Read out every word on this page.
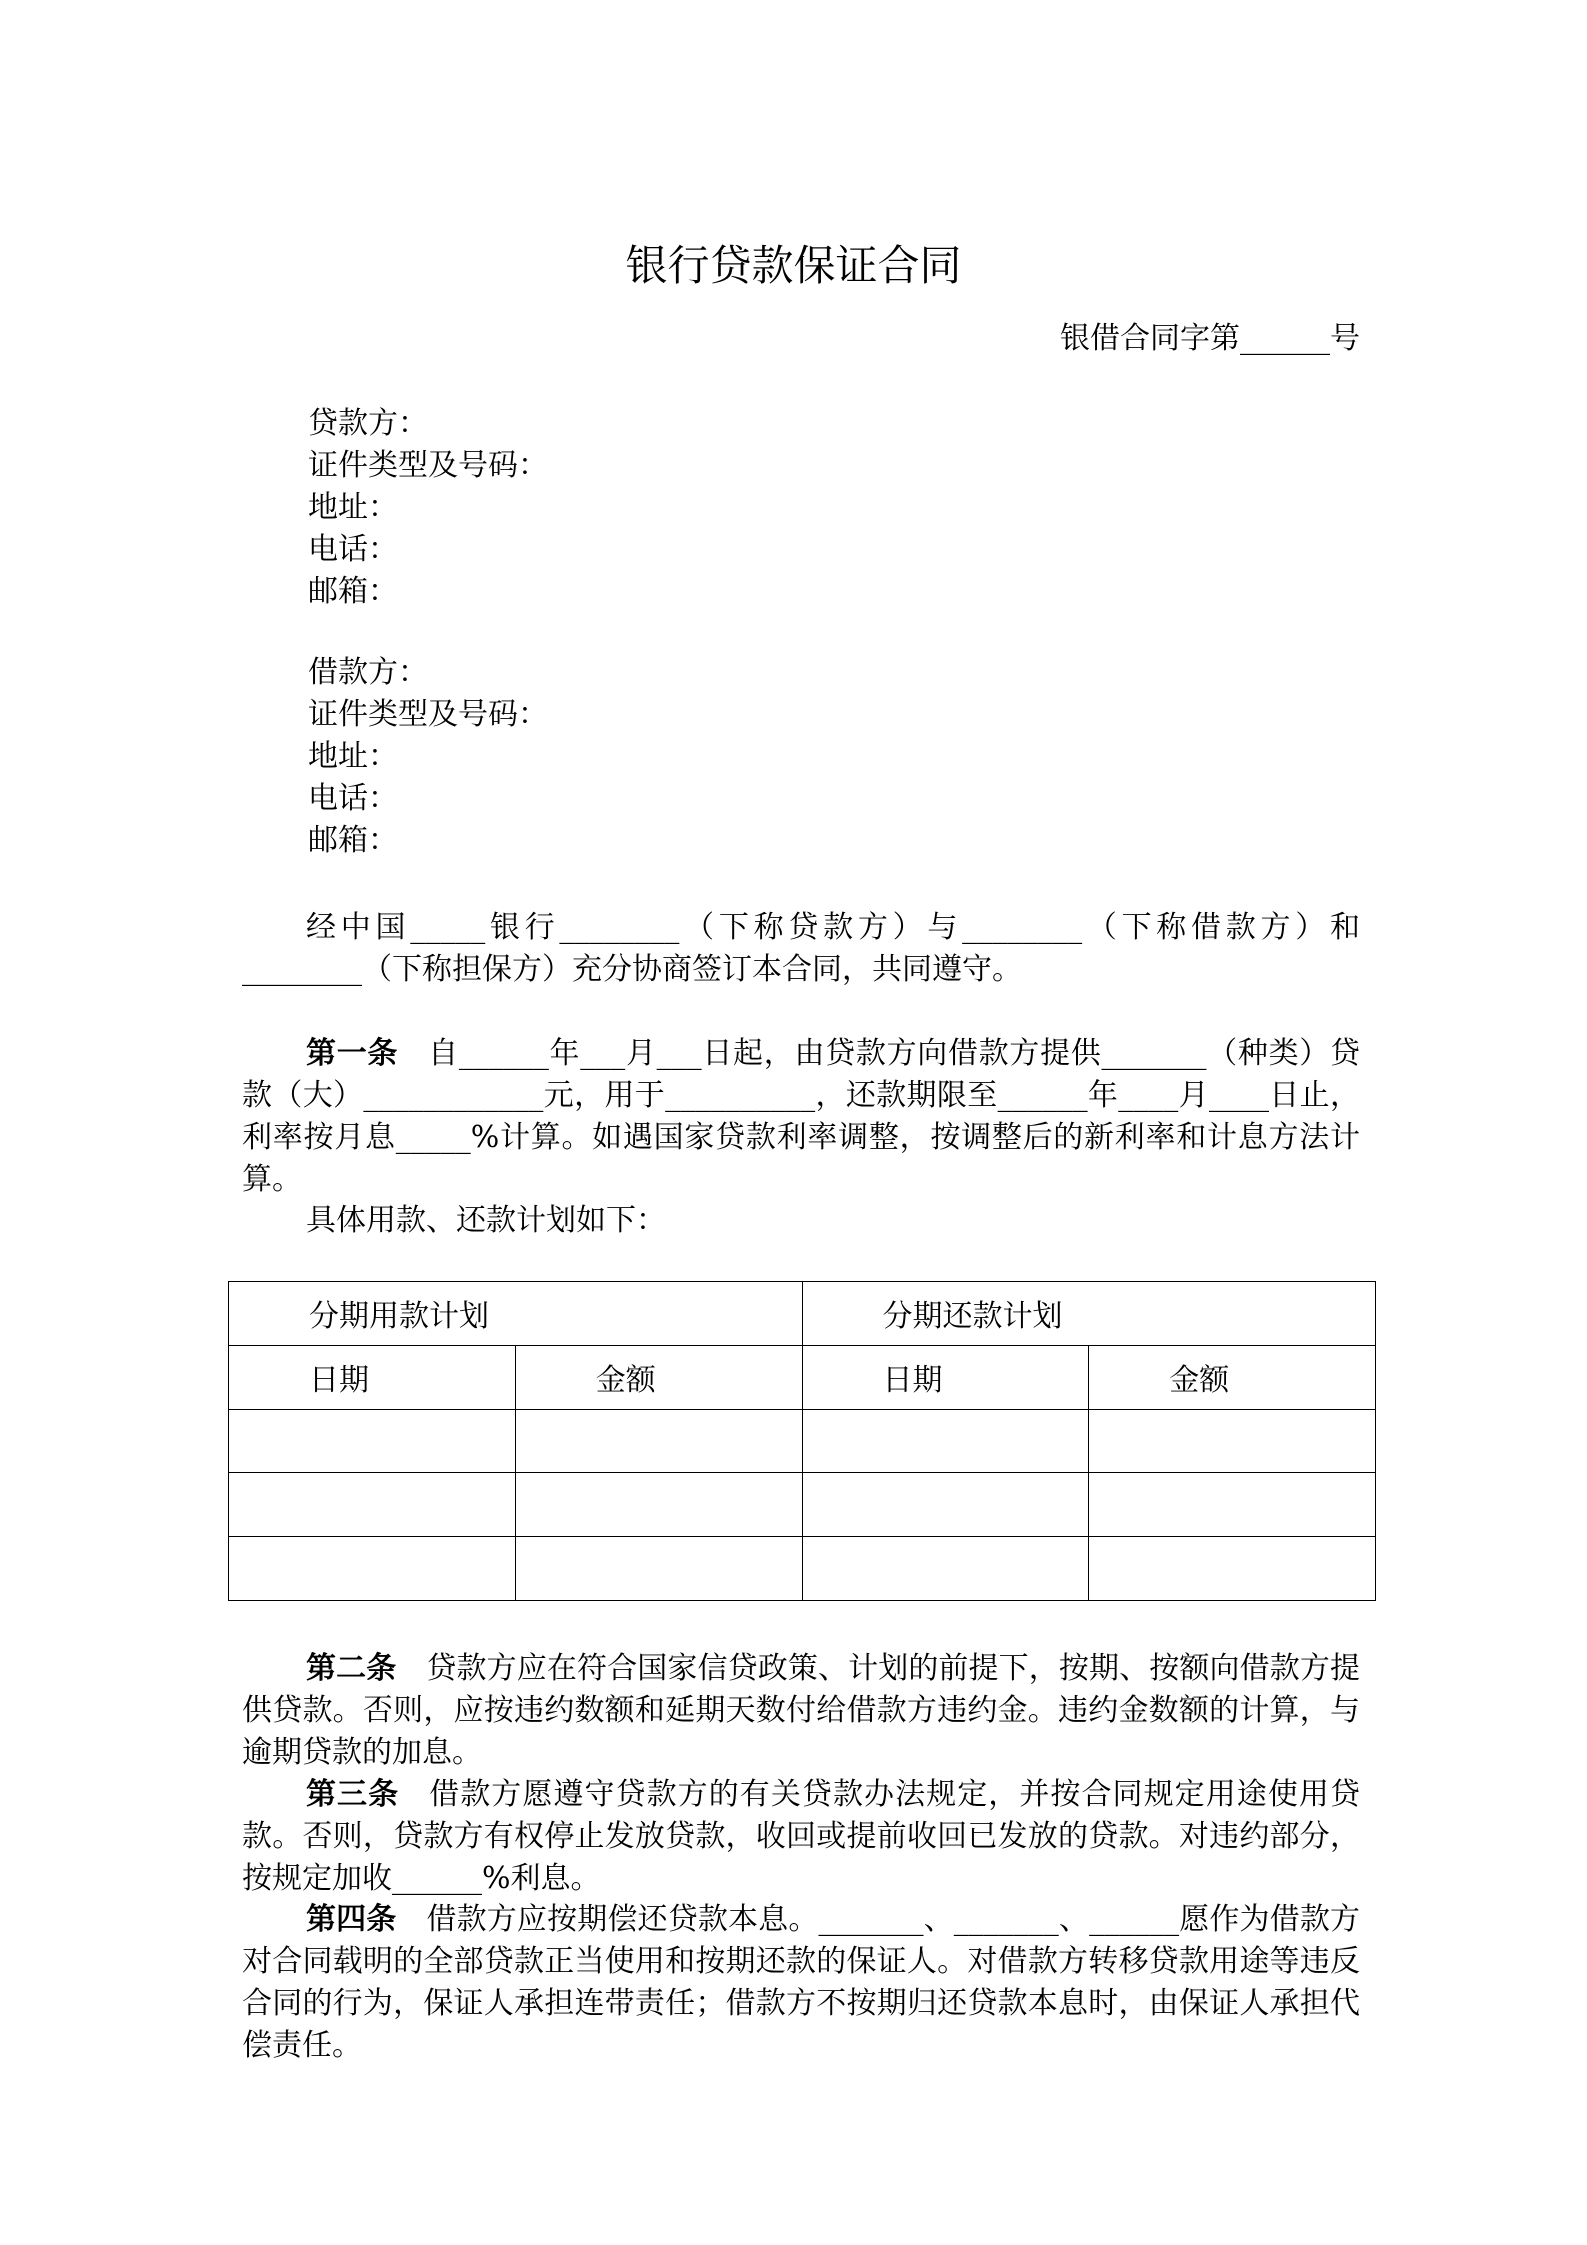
银行贷款保证合同
银借合同字第______号
贷款方：
证件类型及号码：
地址：
电话：
邮箱：
借款方：
证件类型及号码：
地址：
电话：
邮箱：
经中国_____银行________（下称贷款方）与________（下称借款方）和________（下称担保方）充分协商签订本合同，共同遵守。
第一条 自______年___月___日起，由贷款方向借款方提供_______（种类）贷款（大）____________元，用于__________，还款期限至______年____月____日止，利率按月息_____%计算。如遇国家贷款利率调整，按调整后的新利率和计息方法计算。
具体用款、还款计划如下：
分期用款计划		分期还款计划	
日期	金额	日期	金额

第二条 贷款方应在符合国家信贷政策、计划的前提下，按期、按额向借款方提供贷款。否则，应按违约数额和延期天数付给借款方违约金。违约金数额的计算，与逾期贷款的加息。
第三条 借款方愿遵守贷款方的有关贷款办法规定，并按合同规定用途使用贷款。否则，贷款方有权停止发放贷款，收回或提前收回已发放的贷款。对违约部分，按规定加收______%利息。
第四条 借款方应按期偿还贷款本息。_______、_______、______愿作为借款方对合同载明的全部贷款正当使用和按期还款的保证人。对借款方转移贷款用途等违反合同的行为，保证人承担连带责任；借款方不按期归还贷款本息时，由保证人承担代偿责任。
